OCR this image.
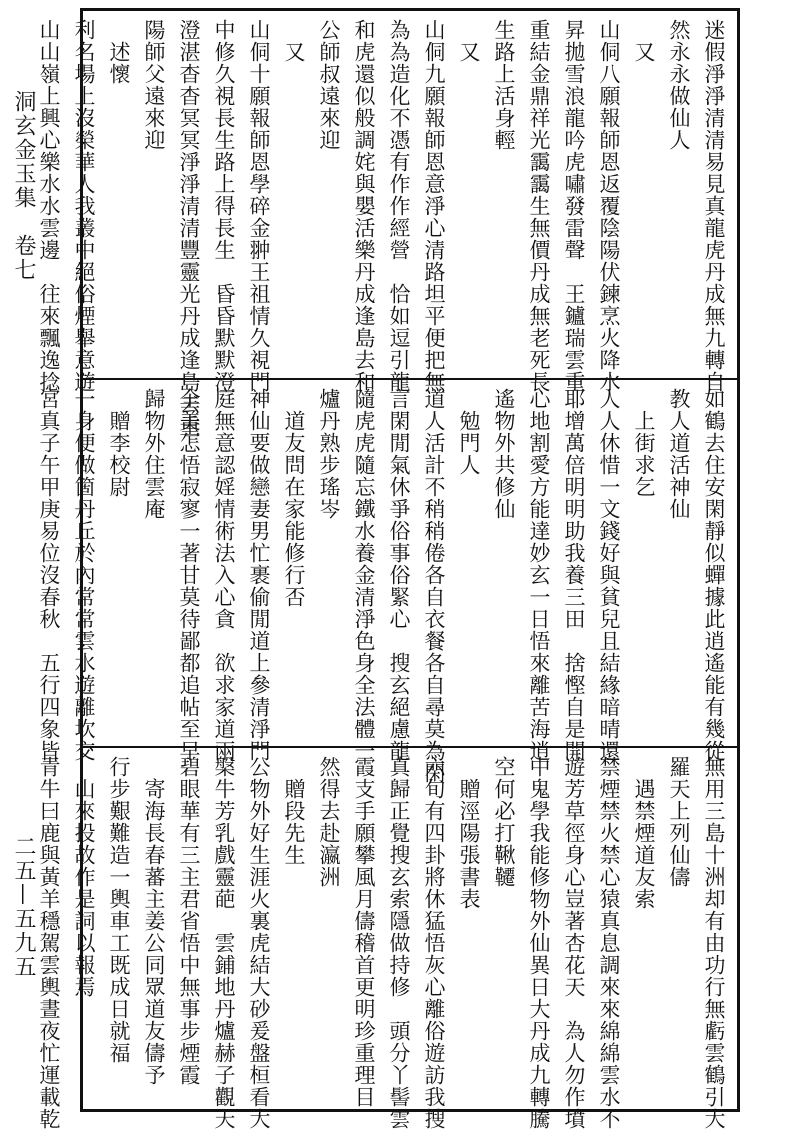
洞玄金玉集　卷七
二五—五九五
迷假淨淨清清易見真龍虎丹成無九轉自
然永永做仙人
　又
山侗八願報師恩返覆陰陽伏鍊烹火降水
昇拋雪浪龍吟虎嘯發雷聲　王鑪瑞雲重
重結金鼎祥光靄靄生無價丹成無老死長
生路上活身輕
　又
山侗九願報師恩意淨心清路坦平便把無
為為造化不憑有作作經營　恰如逗引龍
和虎還似般調姹與嬰活樂丹成逢島去和
公師叔遠來迎
　又
山侗十願報師恩學碎金翀王祖情久視門
中修久視長生路上得長生　昏昏默默澄
澄湛杳杳冥冥淨淨清清豐靈光丹成逢島去重
陽師父遠來迎
　述懷
利名場上沒榮華人我叢中絕俗煙舉意遊
山山嶺上興心樂水水雲邊　往來飄逸捻
如鶴去住安閑靜似蟬據此逍遙能有幾從
教人道活神仙
　上街求乞
人人休惜一文錢好與貧兒且結緣暗晴還
耶增萬倍明明助我養三田　捨慳自是開
心地割愛方能達妙玄一日悟來離苦海逍
遙物外共修仙
　勉門人
道人活計不稍稍倦各自衣餐各自尋莫為閑
言閑閒氣休爭俗事俗緊心　搜玄絕慮龍
隨虎虎隨忘鐵水養金清淨色身全法體一
爐丹熟步瑤岑
　道友問在家能修行否
神仙要做戀妻男忙裹偷閒道上參清淨門
庭無意認婬情術法入心貪　欲求家道兩
全美怎悟寂寥一著甘莫待鄙都追帖至早
歸物外住雲庵
　贈李校尉
一身便做箇丹丘於內常常雲水遊離坎交
宮真子午甲庚易位沒春秋　五行四象皆
無用三島十洲却有由功行無虧雲鶴引大
羅天上列仙儔
　遇禁煙道友索
禁煙禁火禁心猿真息調來來綿綿雲水不
遊芳草徑身心豈著杏花天　為人勿作墳
中鬼學我能修物外仙異日大丹成九轉騰
空何必打鞦韆
　贈涇陽張書表
六旬有四卦將休猛悟灰心離俗遊訪我搜
真歸正覺搜玄索隱做持修　頭分丫髻雲
霞支手願攀風月儔稽首更明珍重理目
然得去赴瀛洲
　贈段先生
公物外好生涯火裏虎結大砂爰盤桓看大
槃牛芳乳戲靈葩　雲鋪地丹爐赫子觀天
碧眼華有三主君省悟中無事步煙霞
　寄海長春蕃主姜公同眾道友儔予
行步艱難造一輿車工既成日就福
　山來投故作是詞以報焉
青牛曰鹿與黃羊穩駕雲輿晝夜忙運載乾
